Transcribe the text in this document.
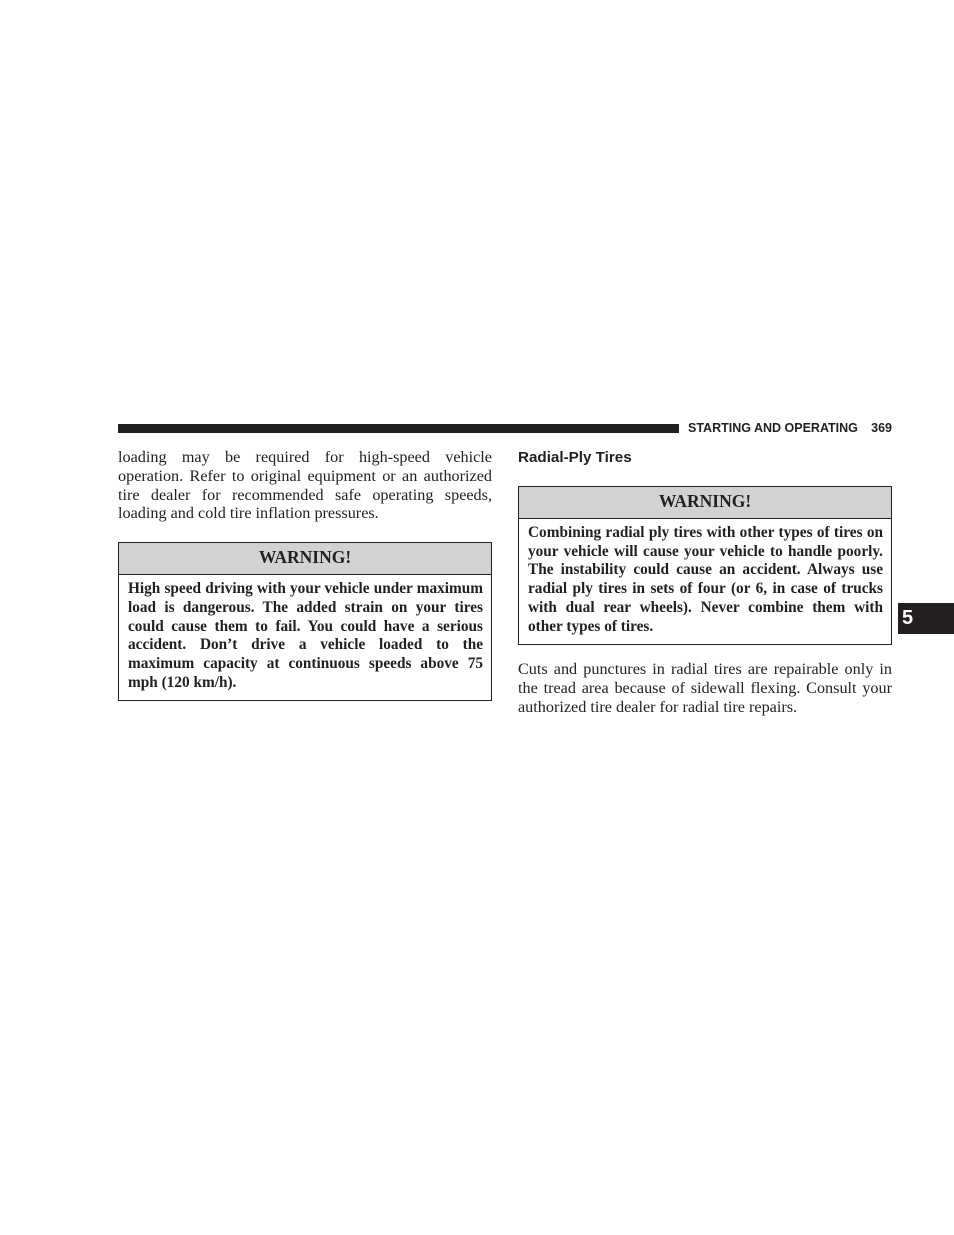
STARTING AND OPERATING 369

loading may be required for high-speed vehicle operation. Refer to original equipment or an authorized tire dealer for recommended safe operating speeds, loading and cold tire inflation pressures.

WARNING!

High speed driving with your vehicle under maximum load is dangerous. The added strain on your tires could cause them to fail. You could have a serious accident. Don’t drive a vehicle loaded to the maximum capacity at continuous speeds above 75 mph (120 km/h).

Radial-Ply Tires
WARNING!

Combining radial ply tires with other types of tires on your vehicle will cause your vehicle to handle poorly. The instability could cause an accident. Always use radial ply tires in sets of four (or 6, in case of trucks with dual rear wheels). Never combine them with other types of tires.

Cuts and punctures in radial tires are repairable only in the tread area because of sidewall flexing. Consult your authorized tire dealer for radial tire repairs.

5
